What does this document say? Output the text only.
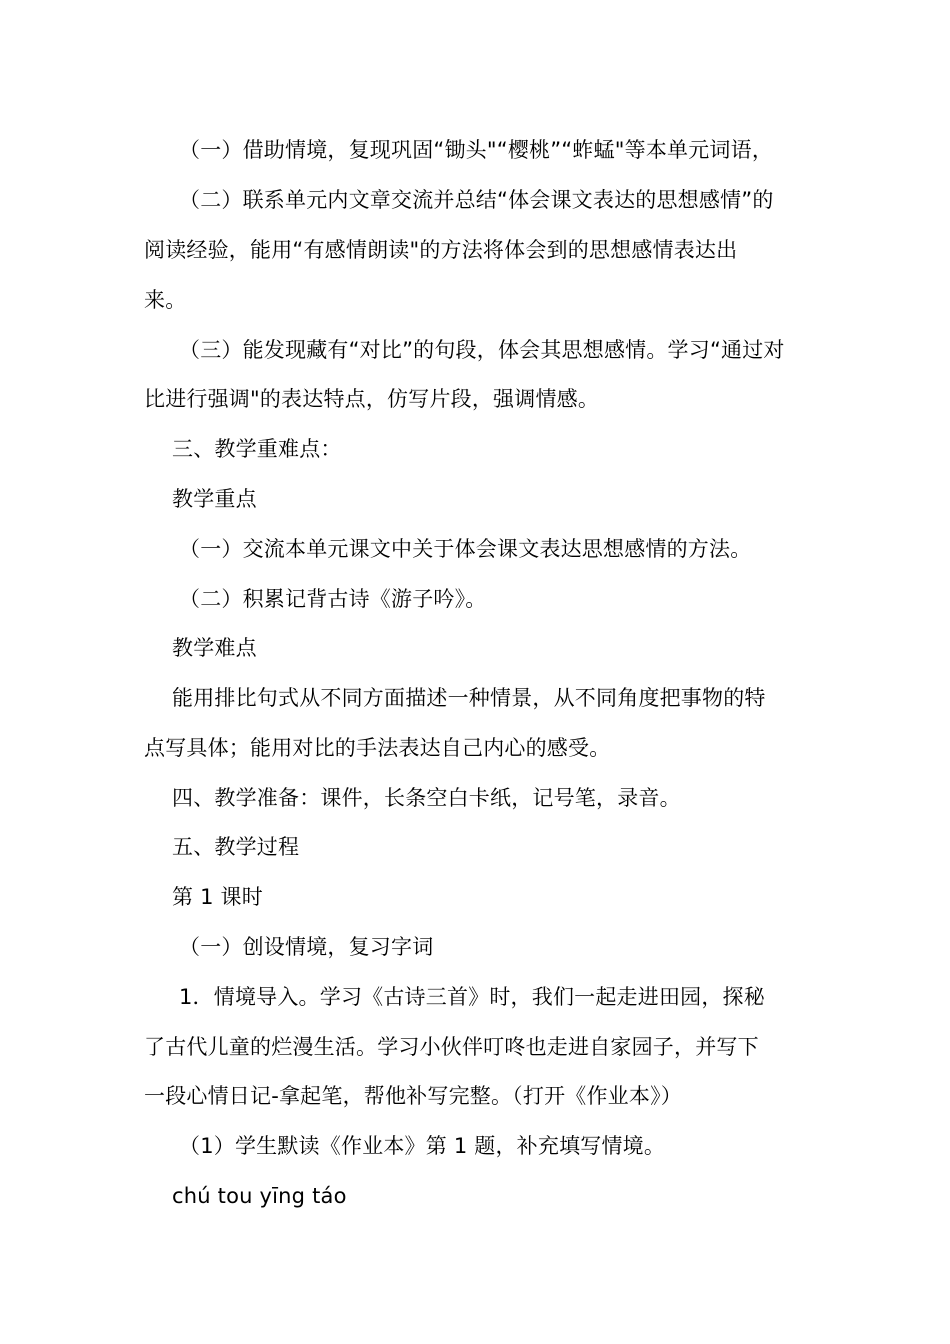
（一）借助情境，复现巩固“锄头"“樱桃”“蚱蜢"等本单元词语，
（二）联系单元内文章交流并总结“体会课文表达的思想感情”的
阅读经验，能用“有感情朗读"的方法将体会到的思想感情表达出
来。
（三）能发现藏有“对比”的句段，体会其思想感情。学习“通过对
比进行强调"的表达特点，仿写片段，强调情感。
三、教学重难点：
教学重点
（一）交流本单元课文中关于体会课文表达思想感情的方法。
（二）积累记背古诗《游子吟》。
教学难点
能用排比句式从不同方面描述一种情景，从不同角度把事物的特
点写具体；能用对比的手法表达自己内心的感受。
四、教学准备：课件，长条空白卡纸，记号笔，录音。
五、教学过程
第 1 课时
（一）创设情境，复习字词
1．情境导入。学习《古诗三首》时，我们一起走进田园，探秘
了古代儿童的烂漫生活。学习小伙伴叮咚也走进自家园子，并写下
一段心情日记-拿起笔，帮他补写完整。（打开《作业本》）
（1）学生默读《作业本》第 1 题，补充填写情境。
chú tou yīng táo
